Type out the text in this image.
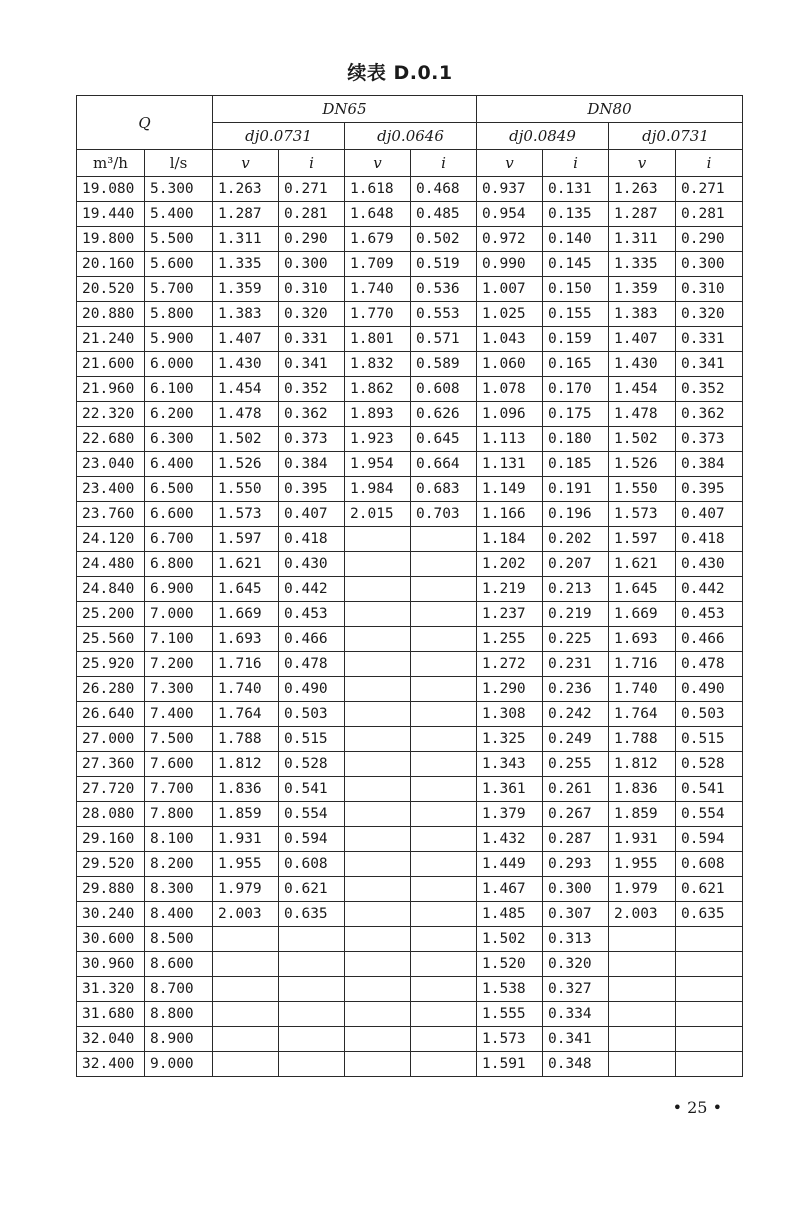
续表 D.0.1
Q		DN65				DN80			
		dj0.0731		dj0.0646		dj0.0849		dj0.0731	
m³/h	l/s	v	i	v	i	v	i	v	i
19.080	5.300	1.263	0.271	1.618	0.468	0.937	0.131	1.263	0.271
19.440	5.400	1.287	0.281	1.648	0.485	0.954	0.135	1.287	0.281
19.800	5.500	1.311	0.290	1.679	0.502	0.972	0.140	1.311	0.290
20.160	5.600	1.335	0.300	1.709	0.519	0.990	0.145	1.335	0.300
20.520	5.700	1.359	0.310	1.740	0.536	1.007	0.150	1.359	0.310
20.880	5.800	1.383	0.320	1.770	0.553	1.025	0.155	1.383	0.320
21.240	5.900	1.407	0.331	1.801	0.571	1.043	0.159	1.407	0.331
21.600	6.000	1.430	0.341	1.832	0.589	1.060	0.165	1.430	0.341
21.960	6.100	1.454	0.352	1.862	0.608	1.078	0.170	1.454	0.352
22.320	6.200	1.478	0.362	1.893	0.626	1.096	0.175	1.478	0.362
22.680	6.300	1.502	0.373	1.923	0.645	1.113	0.180	1.502	0.373
23.040	6.400	1.526	0.384	1.954	0.664	1.131	0.185	1.526	0.384
23.400	6.500	1.550	0.395	1.984	0.683	1.149	0.191	1.550	0.395
23.760	6.600	1.573	0.407	2.015	0.703	1.166	0.196	1.573	0.407
24.120	6.700	1.597	0.418			1.184	0.202	1.597	0.418
24.480	6.800	1.621	0.430			1.202	0.207	1.621	0.430
24.840	6.900	1.645	0.442			1.219	0.213	1.645	0.442
25.200	7.000	1.669	0.453			1.237	0.219	1.669	0.453
25.560	7.100	1.693	0.466			1.255	0.225	1.693	0.466
25.920	7.200	1.716	0.478			1.272	0.231	1.716	0.478
26.280	7.300	1.740	0.490			1.290	0.236	1.740	0.490
26.640	7.400	1.764	0.503			1.308	0.242	1.764	0.503
27.000	7.500	1.788	0.515			1.325	0.249	1.788	0.515
27.360	7.600	1.812	0.528			1.343	0.255	1.812	0.528
27.720	7.700	1.836	0.541			1.361	0.261	1.836	0.541
28.080	7.800	1.859	0.554			1.379	0.267	1.859	0.554
29.160	8.100	1.931	0.594			1.432	0.287	1.931	0.594
29.520	8.200	1.955	0.608			1.449	0.293	1.955	0.608
29.880	8.300	1.979	0.621			1.467	0.300	1.979	0.621
30.240	8.400	2.003	0.635			1.485	0.307	2.003	0.635
30.600	8.500					1.502	0.313		
30.960	8.600					1.520	0.320		
31.320	8.700					1.538	0.327		
31.680	8.800					1.555	0.334		
32.040	8.900					1.573	0.341		
32.400	9.000					1.591	0.348		
• 25 •
